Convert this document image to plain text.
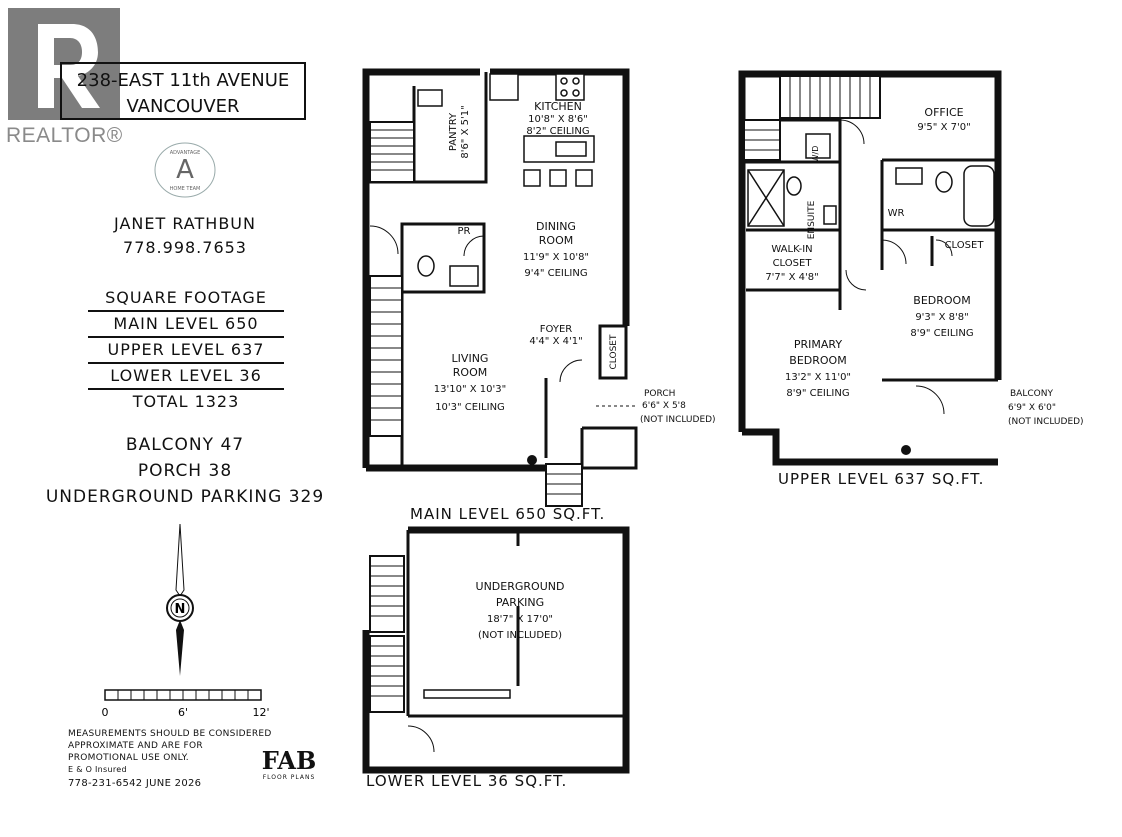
REALTOR®
238-EAST 11th AVENUE
VANCOUVER
ADVANTAGE
A
HOME TEAM
JANET RATHBUN
778.998.7653
SQUARE FOOTAGE
MAIN LEVEL 650
UPPER LEVEL 637
LOWER LEVEL 36
TOTAL 1323
BALCONY 47
PORCH 38
UNDERGROUND PARKING 329
N
0	6'	12'
MEASUREMENTS SHOULD BE CONSIDERED
APPROXIMATE AND ARE FOR
PROMOTIONAL USE ONLY.
E & O Insured
778-231-6542 JUNE 2026
FAB
FLOOR PLANS
KITCHEN
10'8" X 8'6"
8'2" CEILING
PANTRY 8'6" X 5'1"
DINING
ROOM
11'9" X 10'8"
9'4" CEILING
PR
FOYER
4'4" X 4'1"	CLOSET
LIVING
ROOM
13'10" X 10'3"
10'3" CEILING
PORCH
6'6" X 5'8
(NOT INCLUDED)
MAIN LEVEL 650 SQ.FT.
OFFICE
9'5" X 7'0"
W/D
ENSUITE	WR
CLOSET
WALK-IN
CLOSET
7'7" X 4'8"
BEDROOM
9'3" X 8'8"
8'9" CEILING
PRIMARY
BEDROOM
13'2" X 11'0"
8'9" CEILING	BALCONY
6'9" X 6'0"
(NOT INCLUDED)
UPPER LEVEL 637 SQ.FT.
UNDERGROUND
PARKING
18'7" X 17'0"
(NOT INCLUDED)
LOWER LEVEL 36 SQ.FT.
